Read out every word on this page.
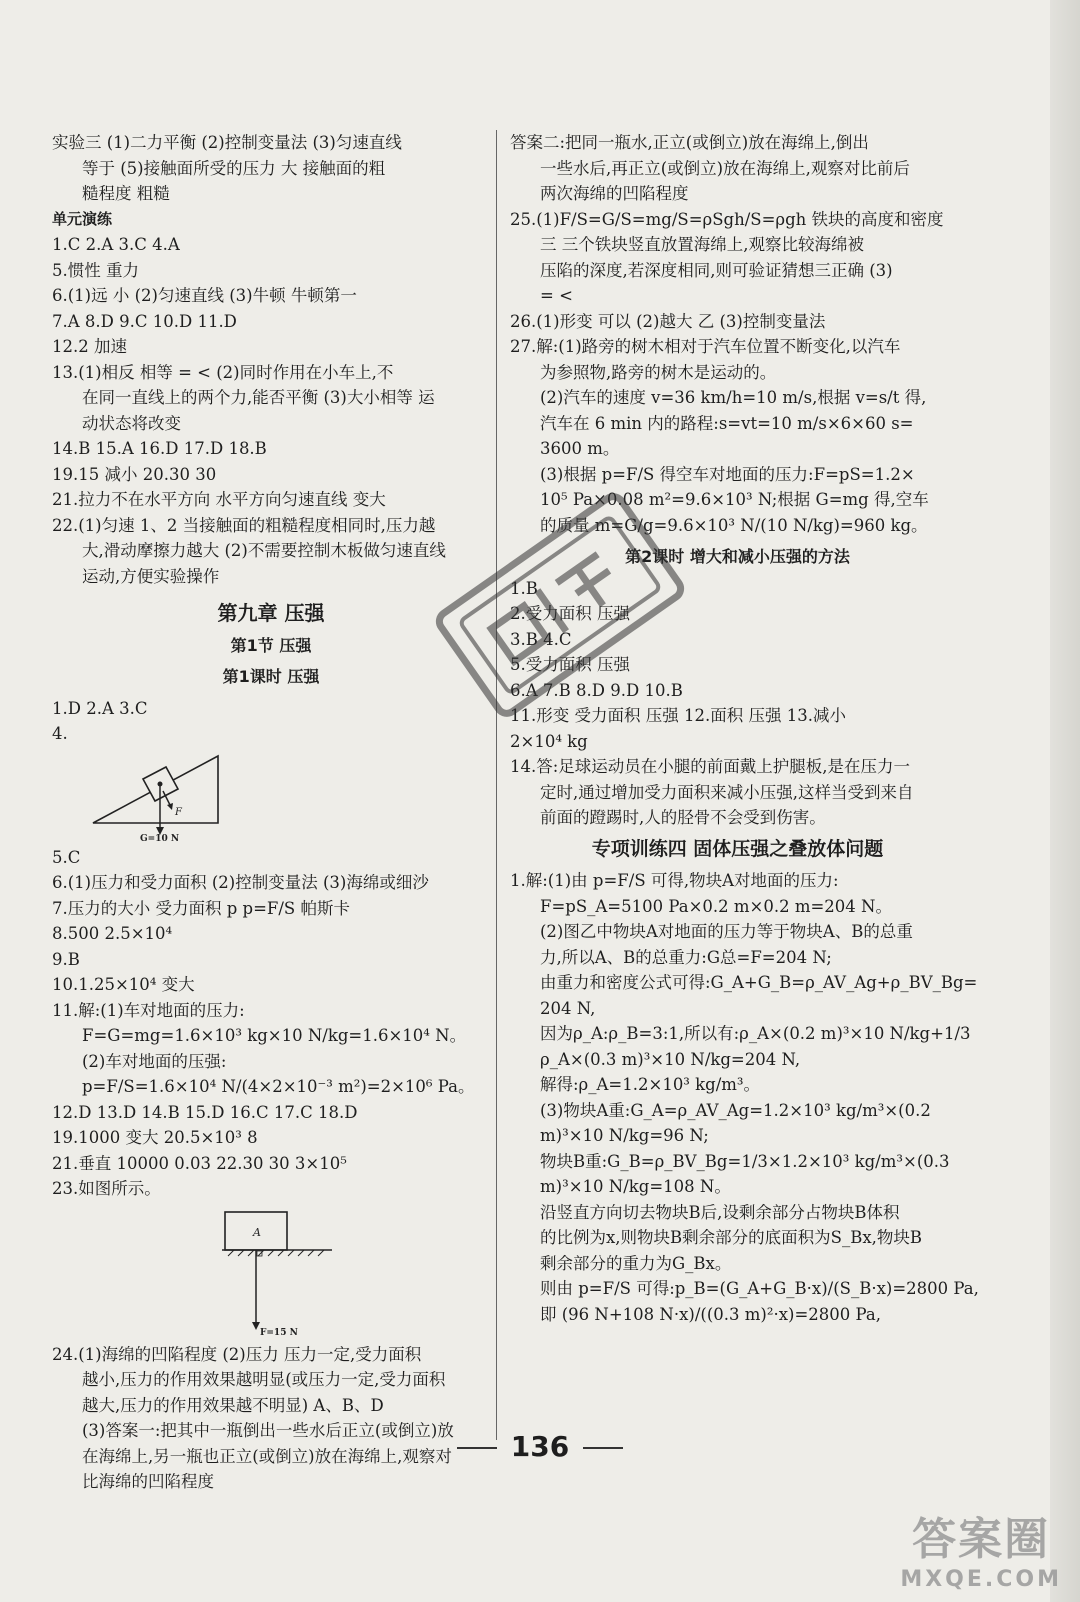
实验三 (1)二力平衡 (2)控制变量法 (3)匀速直线
等于 (5)接触面所受的压力 大 接触面的粗
糙程度 粗糙
单元演练
1.C 2.A 3.C 4.A
5.惯性 重力
6.(1)远 小 (2)匀速直线 (3)牛顿 牛顿第一
7.A 8.D 9.C 10.D 11.D
12.2 加速
13.(1)相反 相等 = < (2)同时作用在小车上,不
在同一直线上的两个力,能否平衡 (3)大小相等 运
动状态将改变
14.B 15.A 16.D 17.D 18.B
19.15 减小 20.30 30
21.拉力不在水平方向 水平方向匀速直线 变大
22.(1)匀速 1、2 当接触面的粗糙程度相同时,压力越
大,滑动摩擦力越大 (2)不需要控制木板做匀速直线
运动,方便实验操作
第九章 压强
第1节 压强
第1课时 压强
1.D 2.A 3.C
4.
F
G=10 N
5.C
6.(1)压力和受力面积 (2)控制变量法 (3)海绵或细沙
7.压力的大小 受力面积 p p=F/S 帕斯卡
8.500 2.5×10⁴
9.B
10.1.25×10⁴ 变大
11.解:(1)车对地面的压力:
F=G=mg=1.6×10³ kg×10 N/kg=1.6×10⁴ N。
(2)车对地面的压强:
p=F/S=1.6×10⁴ N/(4×2×10⁻³ m²)=2×10⁶ Pa。
12.D 13.D 14.B 15.D 16.C 17.C 18.D
19.1000 变大 20.5×10³ 8
21.垂直 10000 0.03 22.30 30 3×10⁵
23.如图所示。
A
F=15 N
24.(1)海绵的凹陷程度 (2)压力 压力一定,受力面积
越小,压力的作用效果越明显(或压力一定,受力面积
越大,压力的作用效果越不明显) A、B、D
(3)答案一:把其中一瓶倒出一些水后正立(或倒立)放
在海绵上,另一瓶也正立(或倒立)放在海绵上,观察对
比海绵的凹陷程度
答案二:把同一瓶水,正立(或倒立)放在海绵上,倒出
一些水后,再正立(或倒立)放在海绵上,观察对比前后
两次海绵的凹陷程度
25.(1)F/S=G/S=mg/S=ρSgh/S=ρgh 铁块的高度和密度
三 三个铁块竖直放置海绵上,观察比较海绵被
压陷的深度,若深度相同,则可验证猜想三正确 (3)
= <
26.(1)形变 可以 (2)越大 乙 (3)控制变量法
27.解:(1)路旁的树木相对于汽车位置不断变化,以汽车
为参照物,路旁的树木是运动的。
(2)汽车的速度 v=36 km/h=10 m/s,根据 v=s/t 得,
汽车在 6 min 内的路程:s=vt=10 m/s×6×60 s=
3600 m。
(3)根据 p=F/S 得空车对地面的压力:F=pS=1.2×
10⁵ Pa×0.08 m²=9.6×10³ N;根据 G=mg 得,空车
的质量 m=G/g=9.6×10³ N/(10 N/kg)=960 kg。
第2课时 增大和减小压强的方法
1.B
2.受力面积 压强
3.B 4.C
5.受力面积 压强
6.A 7.B 8.D 9.D 10.B
11.形变 受力面积 压强 12.面积 压强 13.减小
2×10⁴ kg
14.答:足球运动员在小腿的前面戴上护腿板,是在压力一
定时,通过增加受力面积来减小压强,这样当受到来自
前面的蹬踢时,人的胫骨不会受到伤害。
专项训练四 固体压强之叠放体问题
1.解:(1)由 p=F/S 可得,物块A对地面的压力:
F=pS_A=5100 Pa×0.2 m×0.2 m=204 N。
(2)图乙中物块A对地面的压力等于物块A、B的总重
力,所以A、B的总重力:G总=F=204 N;
由重力和密度公式可得:G_A+G_B=ρ_AV_Ag+ρ_BV_Bg=
204 N,
因为ρ_A:ρ_B=3:1,所以有:ρ_A×(0.2 m)³×10 N/kg+1/3
ρ_A×(0.3 m)³×10 N/kg=204 N,
解得:ρ_A=1.2×10³ kg/m³。
(3)物块A重:G_A=ρ_AV_Ag=1.2×10³ kg/m³×(0.2
m)³×10 N/kg=96 N;
物块B重:G_B=ρ_BV_Bg=1/3×1.2×10³ kg/m³×(0.3
m)³×10 N/kg=108 N。
沿竖直方向切去物块B后,设剩余部分占物块B体积
的比例为x,则物块B剩余部分的底面积为S_Bx,物块B
剩余部分的重力为G_Bx。
则由 p=F/S 可得:p_B=(G_A+G_B·x)/(S_B·x)=2800 Pa,
即 (96 N+108 N·x)/((0.3 m)²·x)=2800 Pa,
136
答案圈
MXQE.COM
